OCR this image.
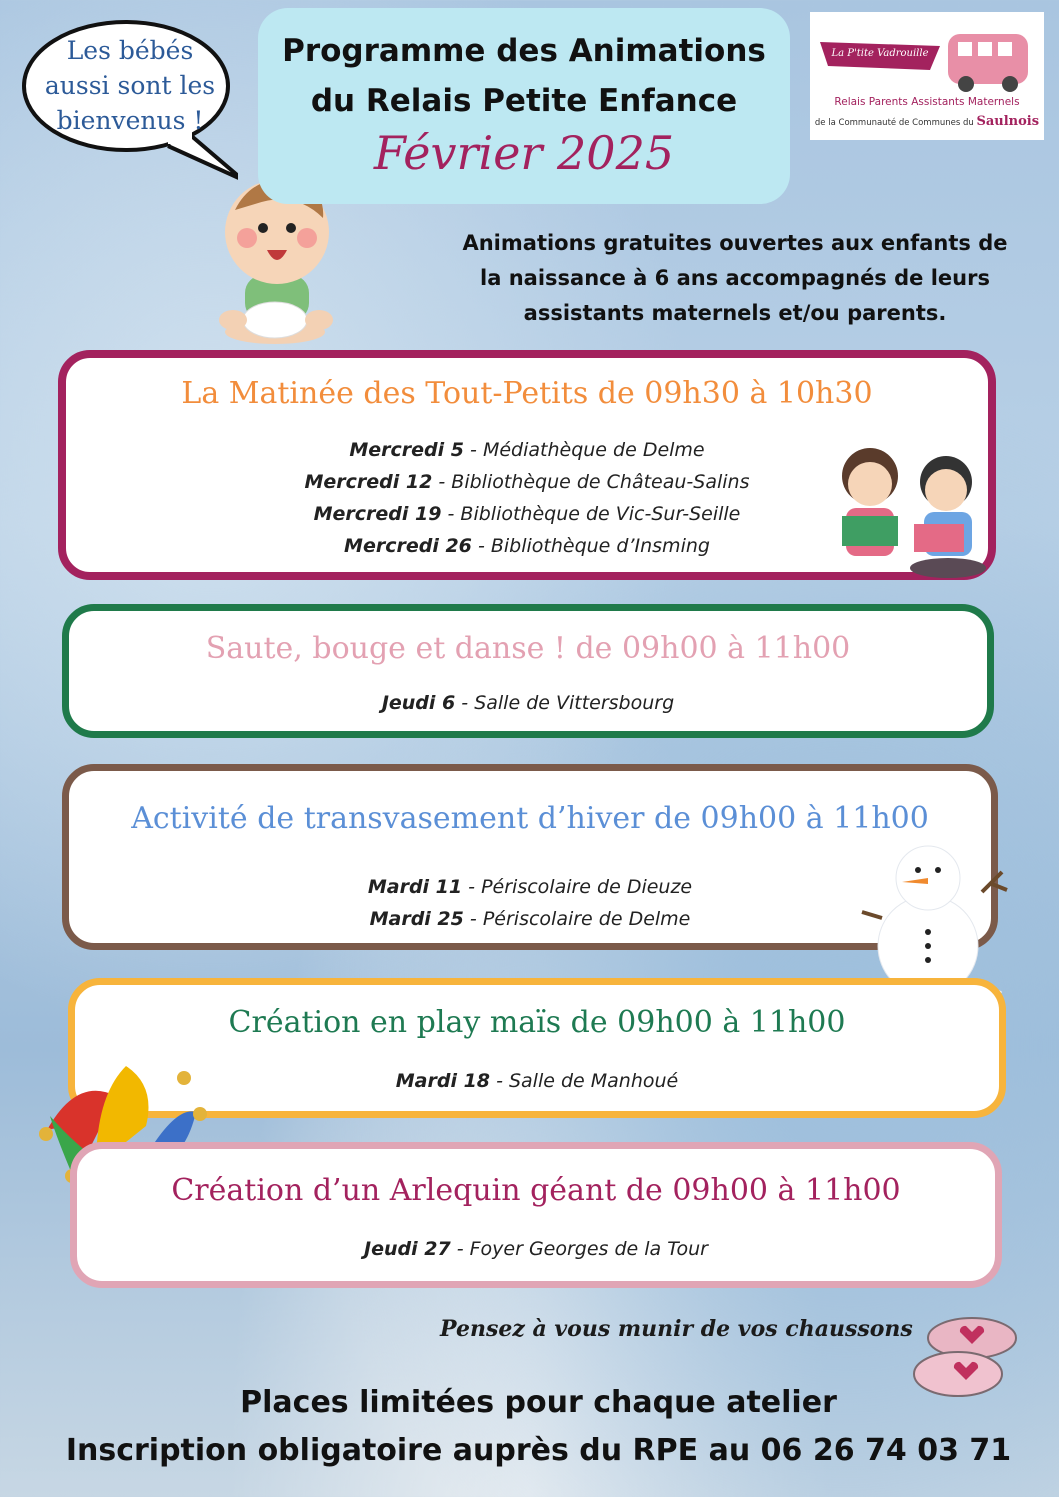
Les bébés
aussi sont les
bienvenus !
Programme des Animations
du Relais Petite Enfance
Février 2025
La P'tite Vadrouille
Relais Parents Assistants Maternels
de la Communauté de Communes du Saulnois
Animations gratuites ouvertes aux enfants de
la naissance à 6 ans accompagnés de leurs
assistants maternels et/ou parents.
La Matinée des Tout-Petits de 09h30 à 10h30
Mercredi 5 - Médiathèque de Delme
Mercredi 12 - Bibliothèque de Château-Salins
Mercredi 19 - Bibliothèque de Vic-Sur-Seille
Mercredi 26 - Bibliothèque d’Insming
Saute, bouge et danse ! de 09h00 à 11h00
Jeudi 6 - Salle de Vittersbourg
Activité de transvasement d’hiver de 09h00 à 11h00
Mardi 11 - Périscolaire de Dieuze
Mardi 25 - Périscolaire de Delme
Création en play maïs de 09h00 à 11h00
Mardi 18 - Salle de Manhoué
Création d’un Arlequin géant de 09h00 à 11h00
Jeudi 27 - Foyer Georges de la Tour
Pensez à vous munir de vos chaussons
Places limitées pour chaque atelier
Inscription obligatoire auprès du RPE au 06 26 74 03 71
